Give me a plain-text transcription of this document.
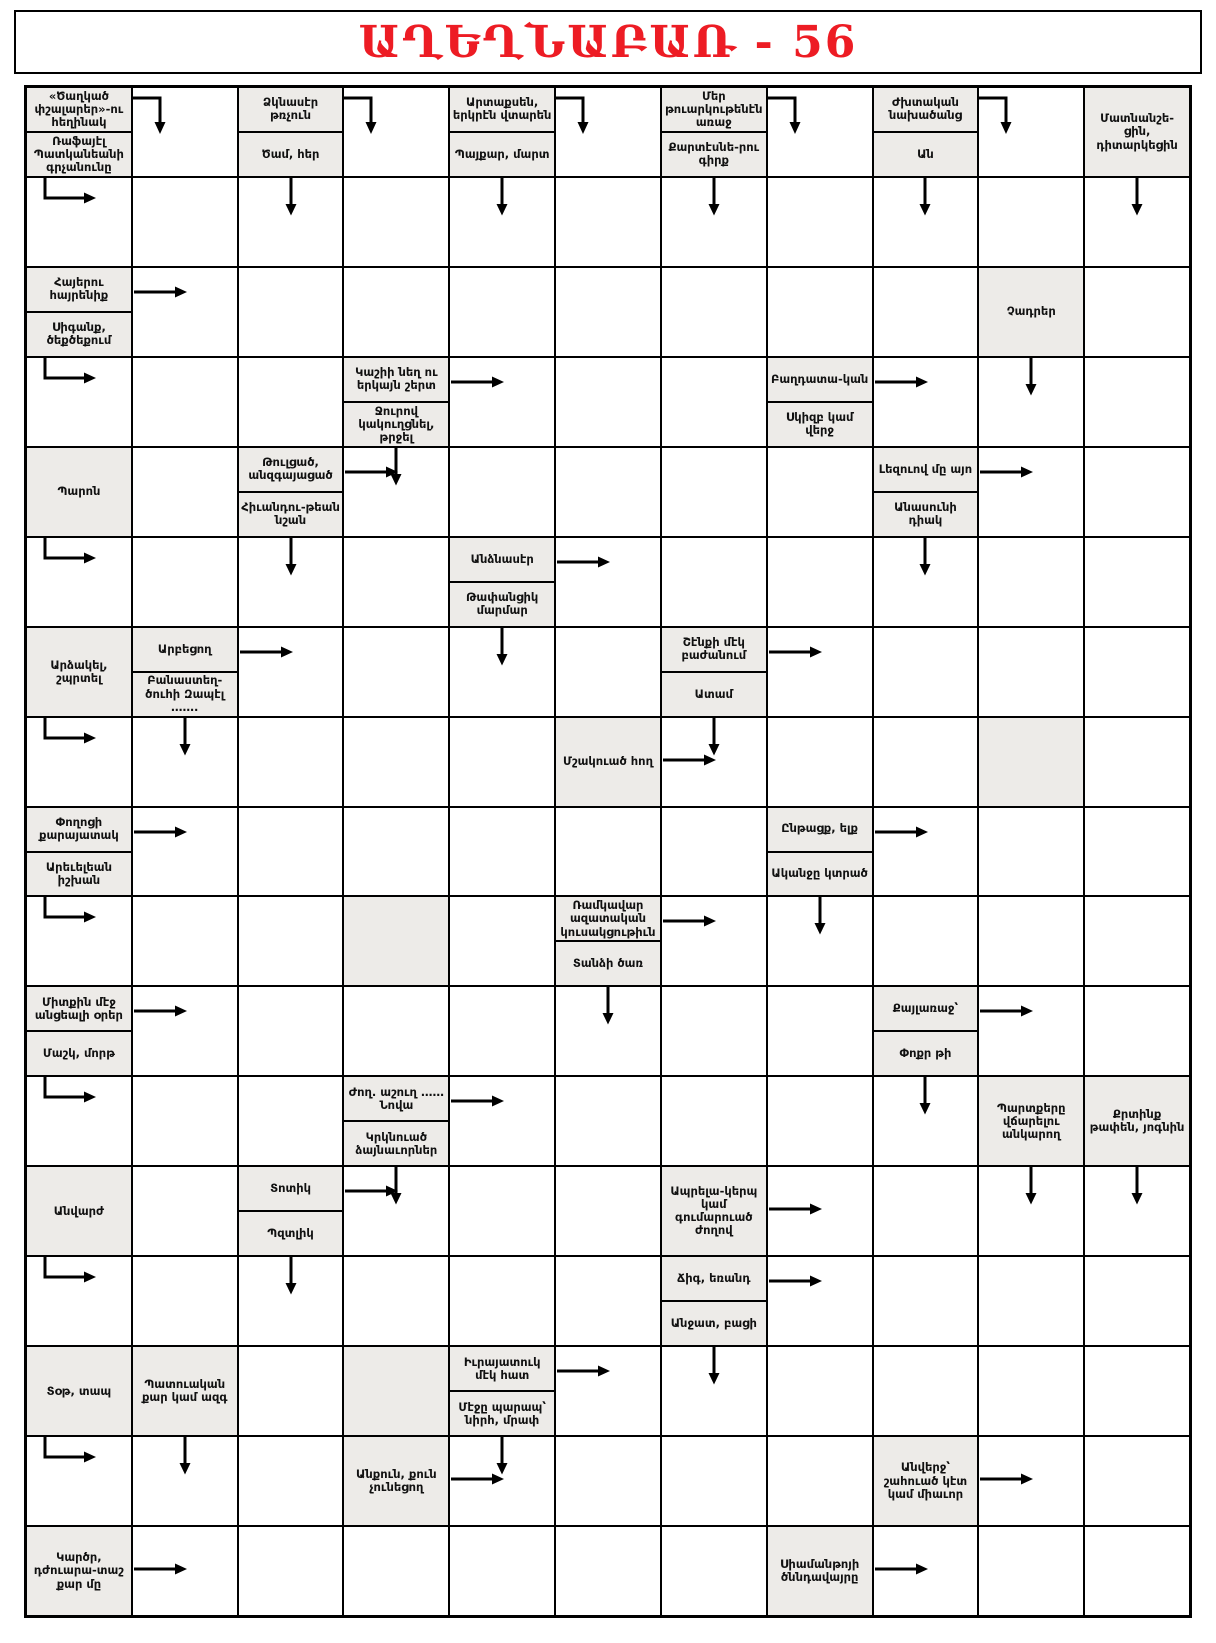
ԱՂԵՂՆԱԲԱՌ - 56
«Ծաղկած փշալարեր»-ու հեղինակ
Ռաֆայէլ Պատկանեանի գրչանունը
Ձկնասէր թռչուն
Ծամ, հեր
Արտաքսեն, երկրէն վտարեն
Պայքար, մարտ
Մեր թուարկութենէն առաջ
Քարտէսնե-րու գիրք
Ժխտական նախածանց
Ան
Մատնանշե-ցին, դիտարկեցին
Հայերու հայրենիք
Սիգանք, ծեքծեքում
Չադրեր
Կաշիի նեղ ու երկայն շերտ
Ջուրով կակուղցնել, թրջել
Բաղդատա-կան
Սկիզբ կամ վերջ
Պարոն
Թուլցած, անզգայացած
Հիւանդու-թեան նշան
Լեզուով մը այո
Անասունի դիակ
Անձնասէր
Թափանցիկ մարմար
Արձակել, շպրտել
Արբեցող
Բանաստեղ-ծուհի Զապէլ …….
Շէնքի մէկ բաժանում
Ատամ
Մշակուած հող
Փողոցի քարայատակ
Արեւելեան իշխան
Ընթացք, ելք
Ականջը կտրած
Ռամկավար ազատական կուսակցութիւն
Տանձի ծառ
Միտքին մէջ անցեալի օրեր
Մաշկ, մորթ
Քայլառաջ՝
Փոքր թի
Ժող. աշուղ …… Նովա
Կրկնուած ձայնաւորներ
Պարտքերը վճարելու անկարող
Քրտինք թափեն, յոգնին
Անվարժ
Տոտիկ
Պզտլիկ
Ապրելա-կերպ կամ գումարուած ժողով
Ճիգ, եռանդ
Անջատ, բացի
Տօթ, տապ	Պատուական քար կամ ազգ
Իւրայատուկ մէկ հատ
Մէջը պարապ՝ նիրհ, մրափ
Անքուն, քուն չունեցող
Անվերջ՝ շահուած կէտ կամ միաւոր
Կարծր, դժուարա-տաշ քար մը
Սիամանթոյի ծննդավայրը
